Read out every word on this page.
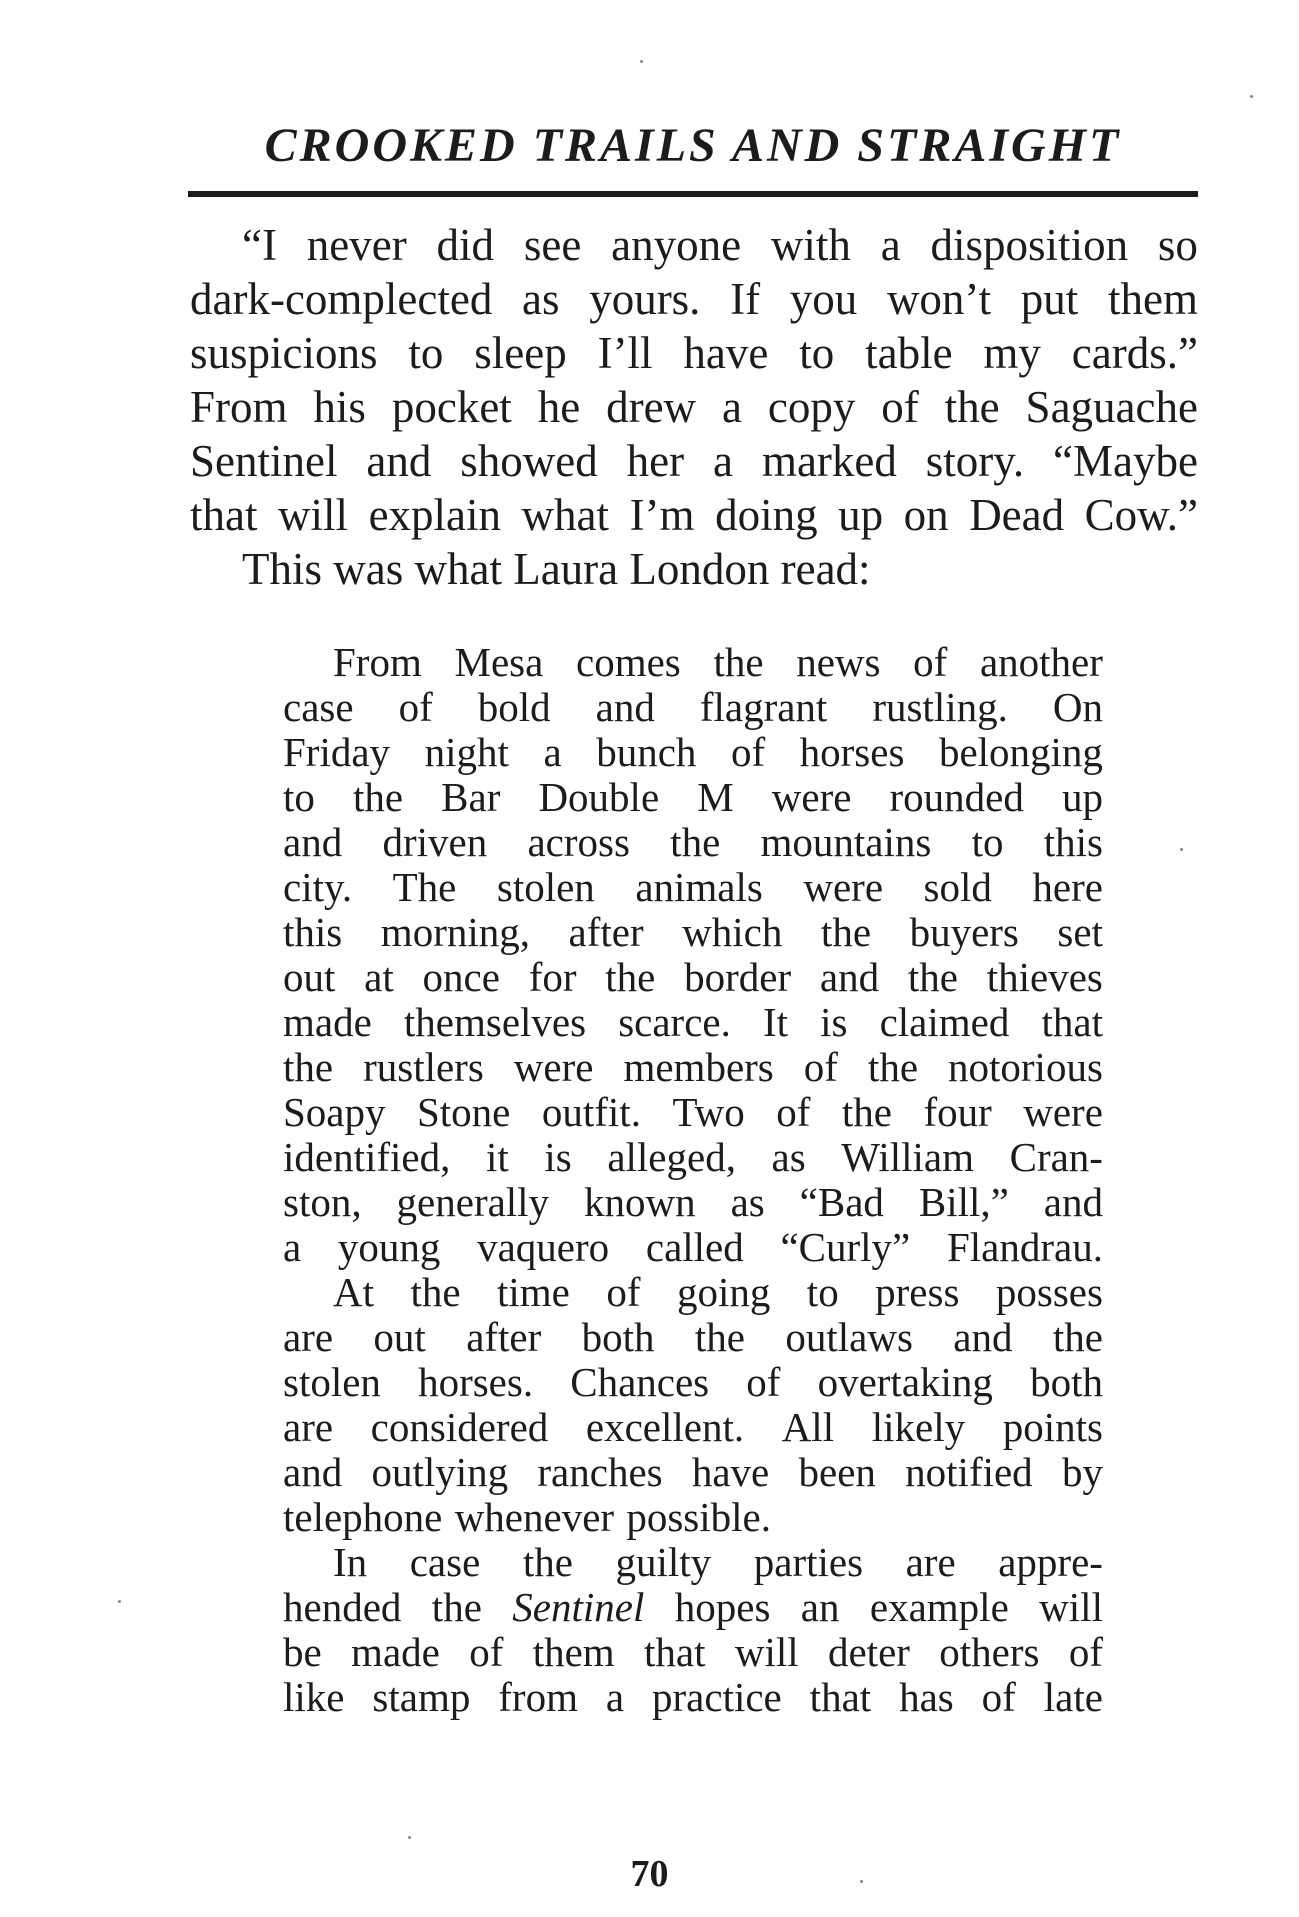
CROOKED TRAILS AND STRAIGHT
“I never did see anyone with a disposition so
dark-complected as yours. If you won’t put them
suspicions to sleep I’ll have to table my cards.”
From his pocket he drew a copy of the Saguache
Sentinel and showed her a marked story. “Maybe
that will explain what I’m doing up on Dead Cow.”
This was what Laura London read:
From Mesa comes the news of another
case of bold and flagrant rustling. On
Friday night a bunch of horses belonging
to the Bar Double M were rounded up
and driven across the mountains to this
city. The stolen animals were sold here
this morning, after which the buyers set
out at once for the border and the thieves
made themselves scarce. It is claimed that
the rustlers were members of the notorious
Soapy Stone outfit. Two of the four were
identified, it is alleged, as William Cran-
ston, generally known as “Bad Bill,” and
a young vaquero called “Curly” Flandrau.
At the time of going to press posses
are out after both the outlaws and the
stolen horses. Chances of overtaking both
are considered excellent. All likely points
and outlying ranches have been notified by
telephone whenever possible.
In case the guilty parties are appre-
hended the Sentinel hopes an example will
be made of them that will deter others of
like stamp from a practice that has of late
70
